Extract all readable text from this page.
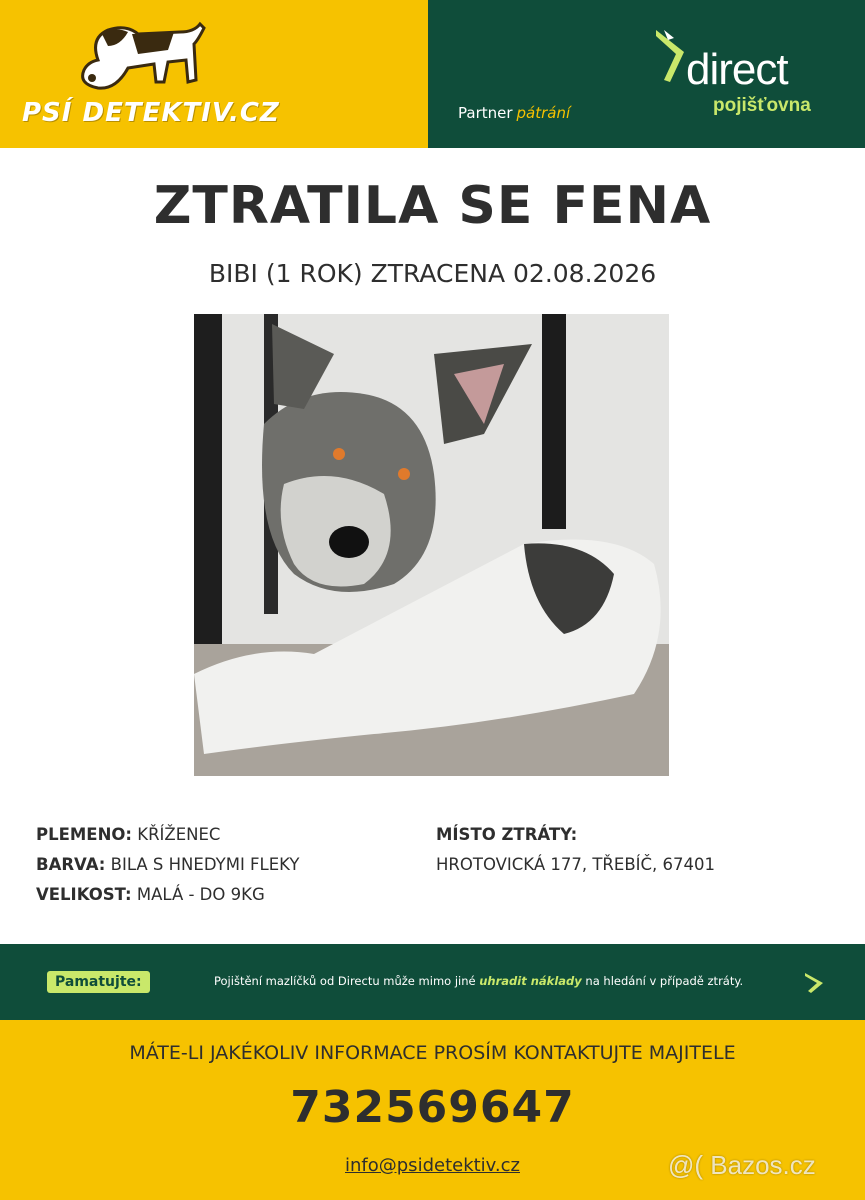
PSÍ DETEKTIV.CZ	Partner pátrání
direct
pojišťovna
ZTRATILA SE FENA
BIBI (1 ROK) ZTRACENA 02.08.2026
PLEMENO: KŘÍŽENEC
BARVA: BILA S HNEDYMI FLEKY
VELIKOST: MALÁ - DO 9KG
MÍSTO ZTRÁTY:
HROTOVICKÁ 177, TŘEBÍČ, 67401
Pamatujte:	Pojištění mazlíčků od Directu může mimo jiné uhradit náklady na hledání v případě ztráty.
MÁTE-LI JAKÉKOLIV INFORMACE PROSÍM KONTAKTUJTE MAJITELE
732569647
info@psidetektiv.cz	@( Bazos.cz
